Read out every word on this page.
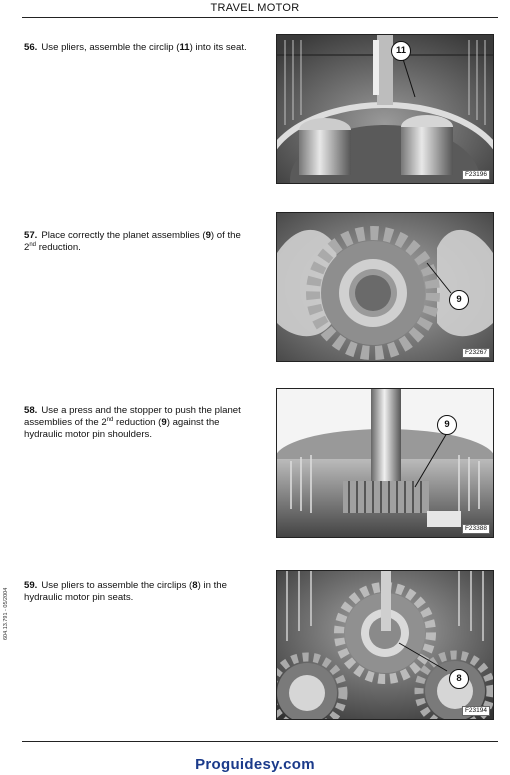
TRAVEL MOTOR
56. Use pliers, assemble the circlip (11) into its seat.	11
F23196
57. Place correctly the planet assemblies (9) of the 2nd reduction.
9
F23267
58. Use a press and the stopper to push the planet assemblies of the 2nd reduction (9) against the hydraulic motor pin shoulders.
9
F23388
59. Use pliers to assemble the circlips (8) in the hydraulic motor pin seats.
8
F23194
604.13.791 - 05/2004
Proguidesy.com
